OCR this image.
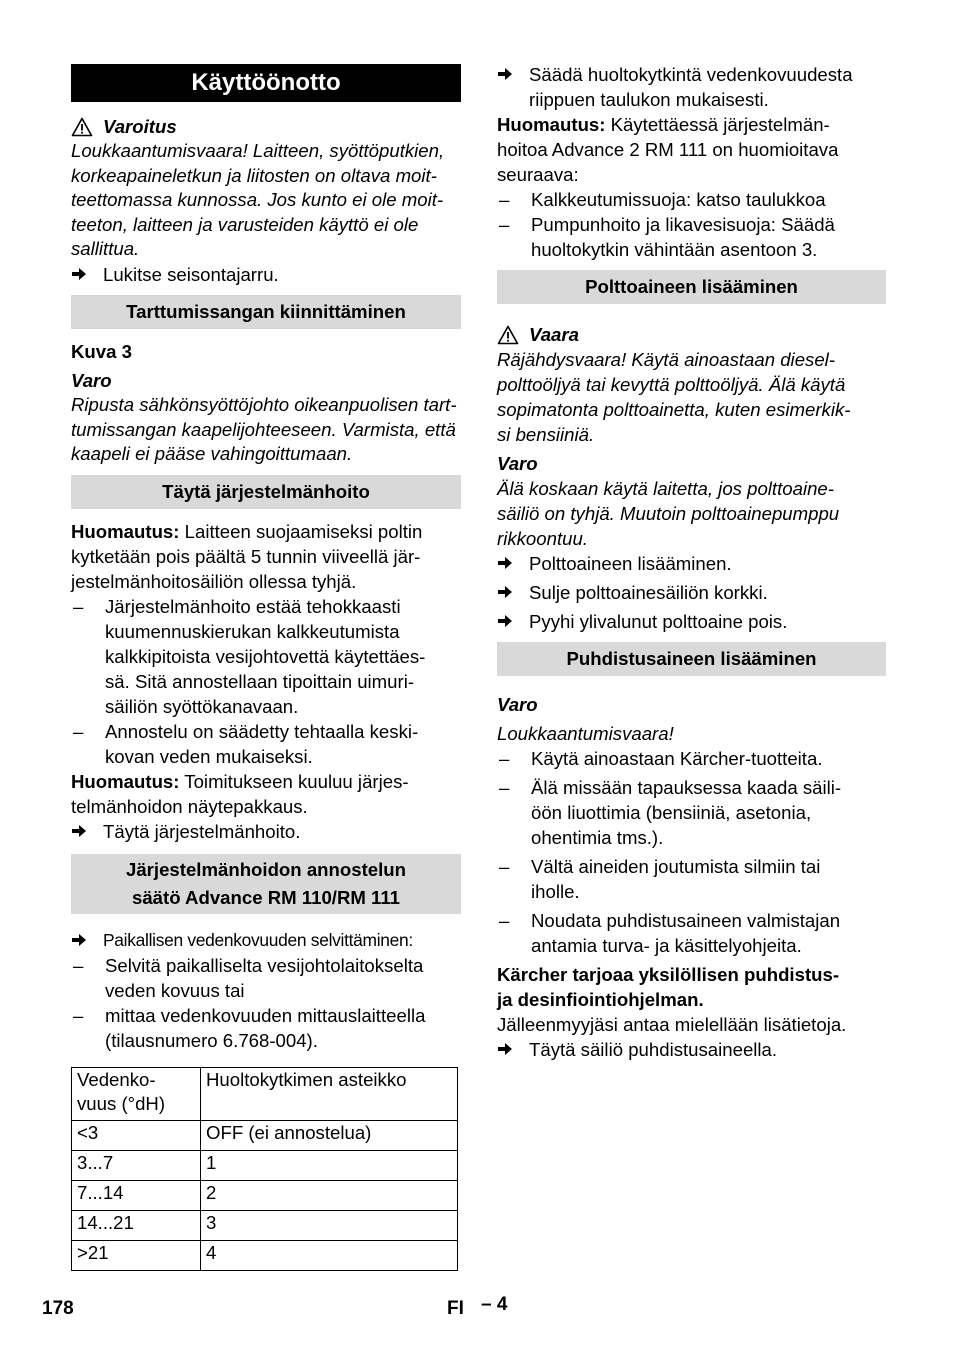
Käyttöönotto
Varoitus
Loukkaantumisvaara! Laitteen, syöttöputkien,
korkeapaineletkun ja liitosten on oltava moit-
teettomassa kunnossa. Jos kunto ei ole moit-
teeton, laitteen ja varusteiden käyttö ei ole
sallittua.
Lukitse seisontajarru.
Tarttumissangan kiinnittäminen
Kuva 3
Varo
Ripusta sähkönsyöttöjohto oikeanpuolisen tart-
tumissangan kaapelijohteeseen. Varmista, että
kaapeli ei pääse vahingoittumaan.
Täytä järjestelmänhoito
Huomautus: Laitteen suojaamiseksi poltin
kytketään pois päältä 5 tunnin viiveellä jär-
jestelmänhoitosäiliön ollessa tyhjä.
–	Järjestelmänhoito estää tehokkaasti
kuumennuskierukan kalkkeutumista
kalkkipitoista vesijohtovettä käytettäes-
sä. Sitä annostellaan tipoittain uimuri-
säiliön syöttökanavaan.
–	Annostelu on säädetty tehtaalla keski-
kovan veden mukaiseksi.
Huomautus: Toimitukseen kuuluu järjes-
telmänhoidon näytepakkaus.
Täytä järjestelmänhoito.
Järjestelmänhoidon annostelun
säätö Advance RM 110/RM 111
Paikallisen vedenkovuuden selvittäminen:
–	Selvitä paikalliselta vesijohtolaitokselta
veden kovuus tai
–	mittaa vedenkovuuden mittauslaitteella
(tilausnumero 6.768-004).
Vedenko-
vuus (°dH)	Huoltokytkimen asteikko
<3	OFF (ei annostelua)
3...7	1
7...14	2
14...21	3
>21	4
Säädä huoltokytkintä vedenkovuudesta
riippuen taulukon mukaisesti.
Huomautus: Käytettäessä järjestelmän-
hoitoa Advance 2 RM 111 on huomioitava
seuraava:
–	Kalkkeutumissuoja: katso taulukkoa
–	Pumpunhoito ja likavesisuoja: Säädä
huoltokytkin vähintään asentoon 3.
Polttoaineen lisääminen
Vaara
Räjähdysvaara! Käytä ainoastaan diesel-
polttoöljyä tai kevyttä polttoöljyä. Älä käytä
sopimatonta polttoainetta, kuten esimerkik-
si bensiiniä.
Varo
Älä koskaan käytä laitetta, jos polttoaine-
säiliö on tyhjä. Muutoin polttoainepumppu
rikkoontuu.
Polttoaineen lisääminen.
Sulje polttoainesäiliön korkki.
Pyyhi ylivalunut polttoaine pois.
Puhdistusaineen lisääminen
Varo
Loukkaantumisvaara!
–	Käytä ainoastaan Kärcher-tuotteita.
–	Älä missään tapauksessa kaada säili-
öön liuottimia (bensiiniä, asetonia,
ohentimia tms.).
–	Vältä aineiden joutumista silmiin tai
iholle.
–	Noudata puhdistusaineen valmistajan
antamia turva- ja käsittelyohjeita.
Kärcher tarjoaa yksilöllisen puhdistus-
ja desinfiointiohjelman.
Jälleenmyyjäsi antaa mielellään lisätietoja.
Täytä säiliö puhdistusaineella.
178	FI – 4
